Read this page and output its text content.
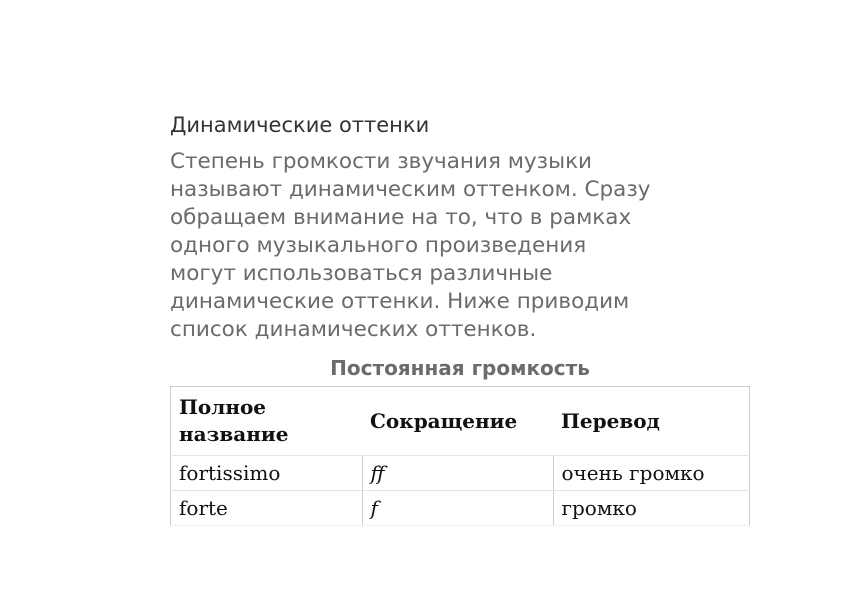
Динамические оттенки
Степень громкости звучания музыки
называют динамическим оттенком. Сразу
обращаем внимание на то, что в рамках
одного музыкального произведения
могут использоваться различные
динамические оттенки. Ниже приводим
список динамических оттенков.
Постоянная громкость
Полное название	Сокращение	Перевод
fortissimo	ff	очень громко
forte	f	громко
